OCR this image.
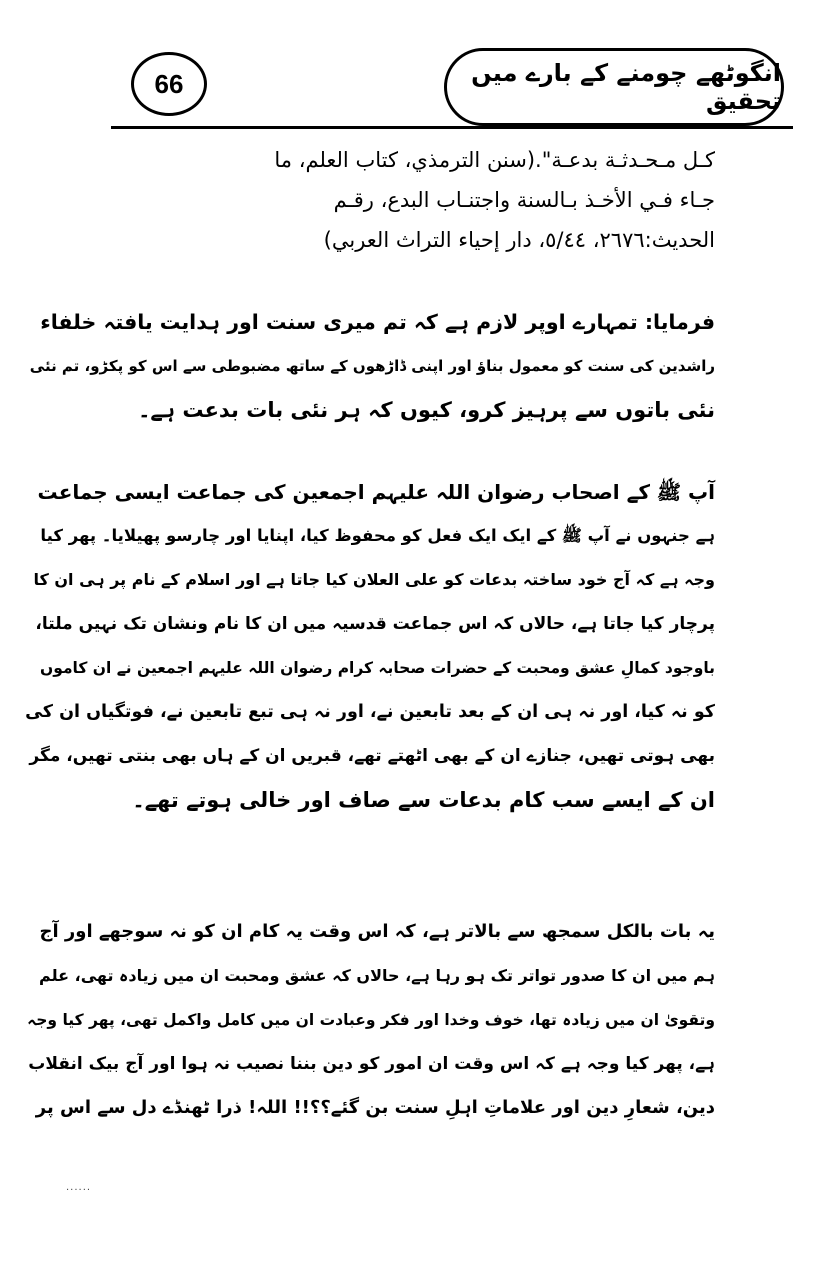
66	انگوٹھے چومنے کے بارے میں تحقیق
كـل مـحـدثـة بدعـة".(سنن الترمذي، كتاب العلم، ما
جـاء فـي الأخـذ بـالسنة واجتنـاب البدع، رقـم
الحديث:٢٦٧٦، ٥/٤٤، دار إحياء التراث العربي)
فرمایا: تمہارے اوپر لازم ہے کہ تم میری سنت اور ہدایت یافتہ خلفاء
راشدین کی سنت کو معمول بناؤ اور اپنی ڈاڑھوں کے ساتھ مضبوطی سے اس کو پکڑو، تم نئی
نئی باتوں سے پرہیز کرو، کیوں کہ ہر نئی بات بدعت ہے۔
آپ ﷺ کے اصحاب رضوان اللہ علیہم اجمعین کی جماعت ایسی جماعت
ہے جنہوں نے آپ ﷺ کے ایک ایک فعل کو محفوظ کیا، اپنایا اور چارسو پھیلایا۔ پھر کیا
وجہ ہے کہ آج خود ساختہ بدعات کو علی العلان کیا جاتا ہے اور اسلام کے نام پر ہی ان کا
پرچار کیا جاتا ہے، حالاں کہ اس جماعت قدسیہ میں ان کا نام ونشان تک نہیں ملتا،
باوجود کمالِ عشق ومحبت کے حضرات صحابہ کرام رضوان اللہ علیہم اجمعین نے ان کاموں
کو نہ کیا، اور نہ ہی ان کے بعد تابعین نے، اور نہ ہی تبع تابعین نے، فوتگیاں ان کی
بھی ہوتی تھیں، جنازے ان کے بھی اٹھتے تھے، قبریں ان کے ہاں بھی بنتی تھیں، مگر
ان کے ایسے سب کام بدعات سے صاف اور خالی ہوتے تھے۔
یہ بات بالکل سمجھ سے بالاتر ہے، کہ اس وقت یہ کام ان کو نہ سوجھے اور آج
ہم میں ان کا صدور تواتر تک ہو رہا ہے، حالاں کہ عشق ومحبت ان میں زیادہ تھی، علم
وتقویٰ ان میں زیادہ تھا، خوف وخدا اور فکر وعبادت ان میں کامل واکمل تھی، پھر کیا وجہ
ہے، پھر کیا وجہ ہے کہ اس وقت ان امور کو دین بننا نصیب نہ ہوا اور آج بیک انقلاب
دین، شعارِ دین اور علاماتِ اہلِ سنت بن گئے؟؟!! اللہ! ذرا ٹھنڈے دل سے اس پر
......
